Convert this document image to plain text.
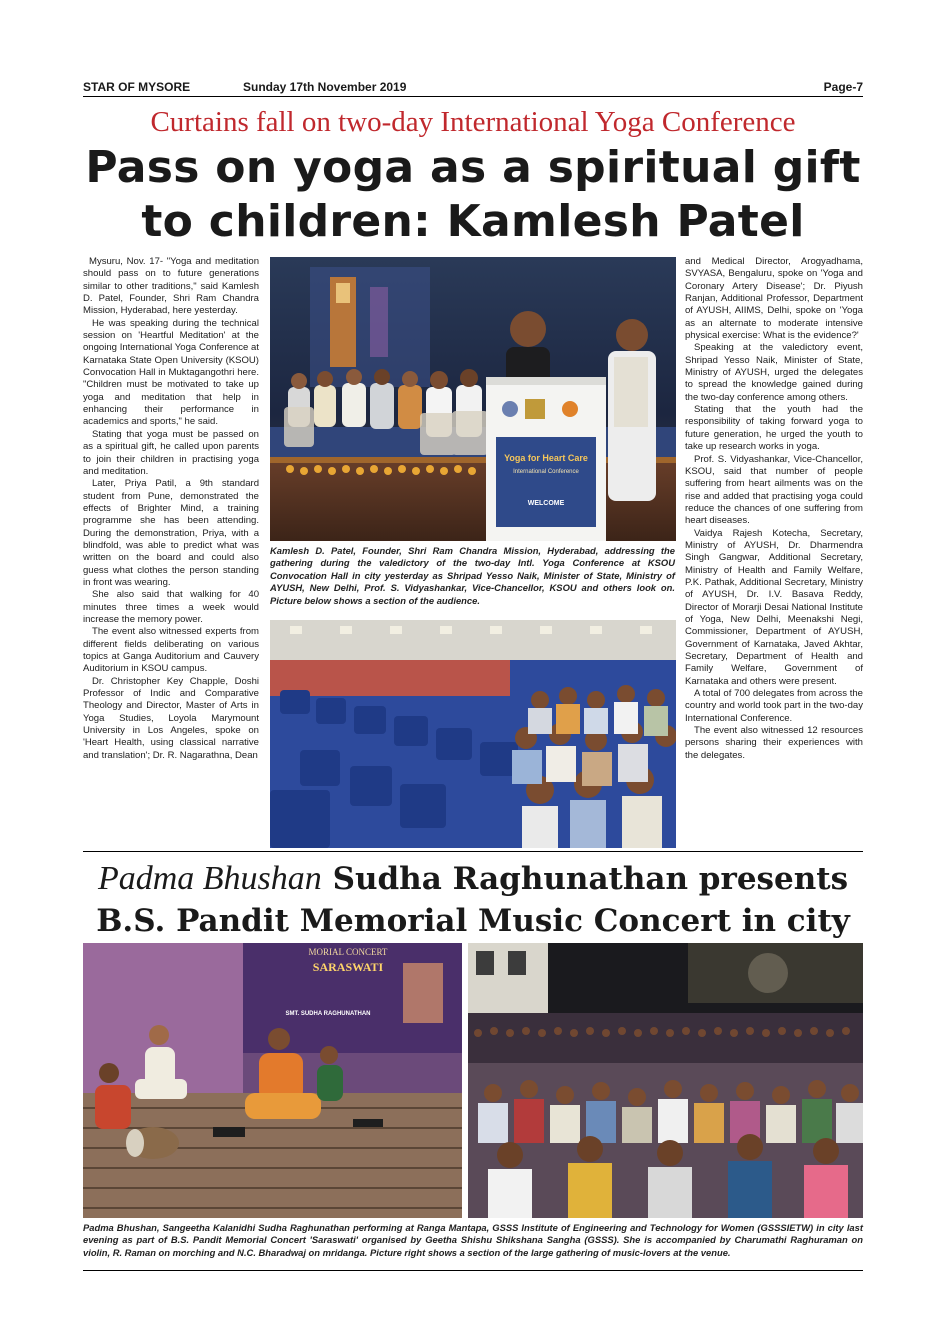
STAR OF MYSORE	Sunday 17th November 2019	Page-7
Curtains fall on two-day International Yoga Conference
Pass on yoga as a spiritual gift
to children: Kamlesh Patel

Mysuru, Nov. 17- "Yoga and meditation should pass on to future generations similar to other traditions," said Kamlesh D. Patel, Founder, Shri Ram Chandra Mission, Hyderabad, here yesterday.

He was speaking during the technical session on 'Heartful Meditation' at the ongoing International Yoga Conference at Karnataka State Open University (KSOU) Convocation Hall in Muktagangothri here. "Children must be motivated to take up yoga and meditation that help in enhancing their performance in academics and sports," he said.

Stating that yoga must be passed on as a spiritual gift, he called upon parents to join their children in practising yoga and meditation.

Later, Priya Patil, a 9th standard student from Pune, demonstrated the effects of Brighter Mind, a training programme she has been attending. During the demonstration, Priya, with a blindfold, was able to predict what was written on the board and could also guess what clothes the person standing in front was wearing.

She also said that walking for 40 minutes three times a week would increase the memory power.

The event also witnessed experts from different fields deliberating on various topics at Ganga Auditorium and Cauvery Auditorium in KSOU campus.

Dr. Christopher Key Chapple, Doshi Professor of Indic and Comparative Theology and Director, Master of Arts in Yoga Studies, Loyola Marymount University in Los Angeles, spoke on 'Heart Health, using classical narrative and translation'; Dr. R. Nagarathna, Dean

and Medical Director, Arogyadhama, SVYASA, Bengaluru, spoke on 'Yoga and Coronary Artery Disease'; Dr. Piyush Ranjan, Additional Professor, Department of AYUSH, AIIMS, Delhi, spoke on 'Yoga as an alternate to moderate intensive physical exercise: What is the evidence?'

Speaking at the valedictory event, Shripad Yesso Naik, Minister of State, Ministry of AYUSH, urged the delegates to spread the knowledge gained during the two-day conference among others.

Stating that the youth had the responsibility of taking forward yoga to future generation, he urged the youth to take up research works in yoga.

Prof. S. Vidyashankar, Vice-Chancellor, KSOU, said that number of people suffering from heart ailments was on the rise and added that practising yoga could reduce the chances of one suffering from heart diseases.

Vaidya Rajesh Kotecha, Secretary, Ministry of AYUSH, Dr. Dharmendra Singh Gangwar, Additional Secretary, Ministry of Health and Family Welfare, P.K. Pathak, Additional Secretary, Ministry of AYUSH, Dr. I.V. Basava Reddy, Director of Morarji Desai National Institute of Yoga, New Delhi, Meenakshi Negi, Commissioner, Department of AYUSH, Government of Karnataka, Javed Akhtar, Secretary, Department of Health and Family Welfare, Government of Karnataka and others were present.

A total of 700 delegates from across the country and world took part in the two-day International Conference.

The event also witnessed 12 resources persons sharing their experiences with the delegates.

Yoga for Heart Care
International Conference
WELCOME
Kamlesh D. Patel, Founder, Shri Ram Chandra Mission, Hyderabad, addressing the gathering during the valedictory of the two-day Intl. Yoga Conference at KSOU Convocation Hall in city yesterday as Shripad Yesso Naik, Minister of State, Ministry of AYUSH, New Delhi, Prof. S. Vidyashankar, Vice-Chancellor, KSOU and others look on. Picture below shows a section of the audience.
Padma Bhushan Sudha Raghunathan presents
B.S. Pandit Memorial Music Concert in city
MORIAL CONCERT
SARASWATI
SMT. SUDHA RAGHUNATHAN
Padma Bhushan, Sangeetha Kalanidhi Sudha Raghunathan performing at Ranga Mantapa, GSSS Institute of Engineering and Technology for Women (GSSSIETW) in city last evening as part of B.S. Pandit Memorial Concert 'Saraswati' organised by Geetha Shishu Shikshana Sangha (GSSS). She is accompanied by Charumathi Raghuraman on violin, R. Raman on morching and N.C. Bharadwaj on mridanga. Picture right shows a section of the large gathering of music-lovers at the venue.
